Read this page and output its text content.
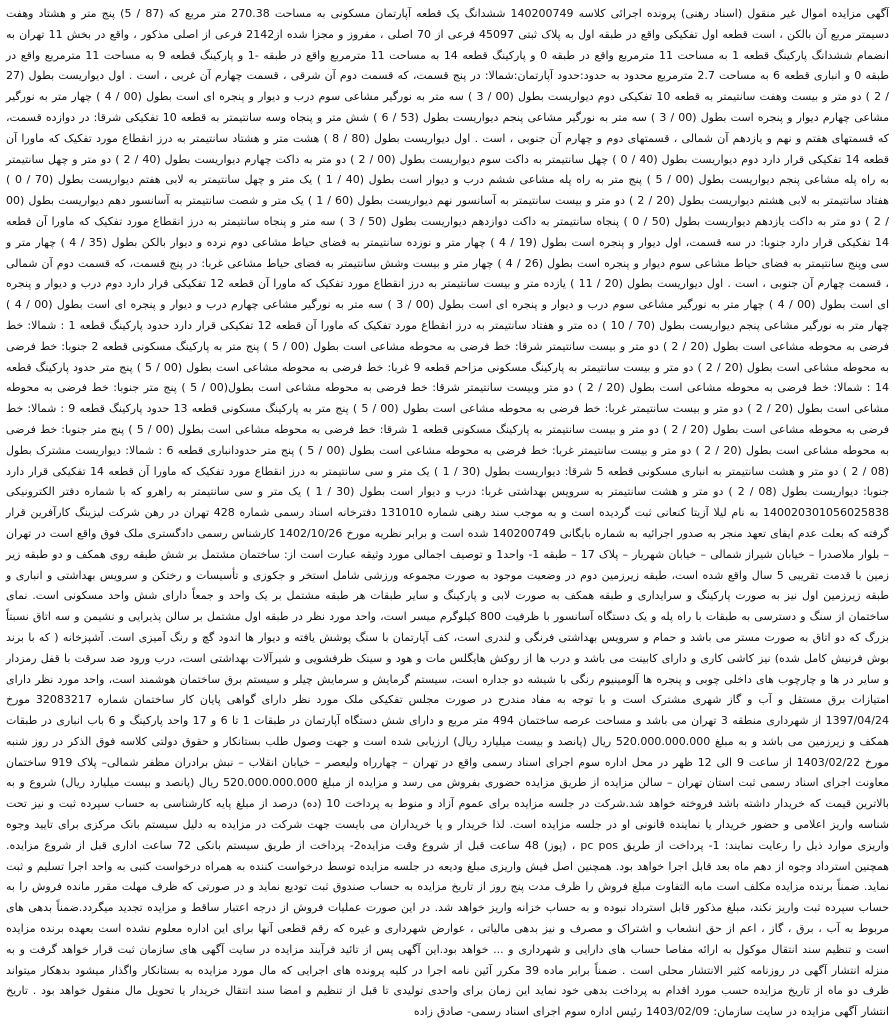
آگهی مزایده اموال غیر منقول (اسناد رهنی) پرونده اجرائی کلاسه 140200749 ششدانگ یک قطعه آپارتمان مسکونی به مساحت 270.38 متر مربع که (87 / 5) پنج متر و هشتاد وهفت دسیمتر مربع آن بالکن ، است قطعه اول تفکیکی واقع در طبقه اول به پلاک ثبتی 45097 فرعی از 70 اصلی ، مفروز و مجزا شده از2142 فرعی از اصلی مذکور ، واقع در بخش 11 تهران به انضمام ششدانگ پارکینگ قطعه 1 به مساحت 11 مترمربع واقع در طبقه 0 و پارکینگ قطعه 14 به مساحت 11 مترمربع واقع در طبقه -1 و پارکینگ قطعه 9 به مساحت 11 مترمربع واقع در طبقه 0 و انباری قطعه 6 به مساحت 2.7 مترمربع محدود به حدود:حدود آپارتمان:شمالا: در پنج قسمت، که قسمت دوم آن شرقی ، قسمت چهارم آن غربی ، است . اول دیواریست بطول (27 / 2 ) دو متر و بیست وهفت سانتیمتر به قطعه 10 تفکیکی دوم دیواریست بطول (00 / 3 ) سه متر به نورگیر مشاعی سوم درب و دیوار و پنجره ای است بطول (00 / 4 ) چهار متر به نورگیر مشاعی چهارم دیوار و پنجره است بطول (00 / 3 ) سه متر به نورگیر مشاعی پنجم دیواریست بطول (53 / 6 ) شش متر و پنجاه وسه سانتیمتر به قطعه 10 تفکیکی شرقا: در دوازده قسمت، که قسمتهای هفتم و نهم و یازدهم آن شمالی ، قسمتهای دوم و چهارم آن جنوبی ، است . اول دیواریست بطول (80 / 8 ) هشت متر و هشتاد سانتیمتر به درز انقطاع مورد تفکیک که ماورا آن قطعه 14 تفکیکی قرار دارد دوم دیواریست بطول (40 / 0 ) چهل سانتیمتر به داکت سوم دیواریست بطول (00 / 2 ) دو متر به داکت چهارم دیواریست بطول (40 / 2 ) دو متر و چهل سانتیمتر به راه پله مشاعی پنجم دیواریست بطول (00 / 5 ) پنج متر به راه پله مشاعی ششم درب و دیوار است بطول (40 / 1 ) یک متر و چهل سانتیمتر به لابی هفتم دیواریست بطول (70 / 0 ) هفتاد سانتیمتر به لابی هشتم دیواریست بطول (20 / 2 ) دو متر و بیست سانتیمتر به آسانسور نهم دیواریست بطول (60 / 1 ) یک متر و شصت سانتیمتر به آسانسور دهم دیواریست بطول (00 / 2 ) دو متر به داکت یازدهم دیواریست بطول (50 / 0 ) پنجاه سانتیمتر به داکت دوازدهم دیواریست بطول (50 / 3 ) سه متر و پنجاه سانتیمتر به درز انقطاع مورد تفکیک که ماورا آن قطعه 14 تفکیکی قرار دارد جنوبا: در سه قسمت، اول دیوار و پنجره است بطول (19 / 4 ) چهار متر و نوزده سانتیمتر به فضای حیاط مشاعی دوم نرده و دیوار بالکن بطول (35 / 4 ) چهار متر و سی وپنج سانتیمتر به فضای حیاط مشاعی سوم دیوار و پنجره است بطول (26 / 4 ) چهار متر و بیست وشش سانتیمتر به فضای حیاط مشاعی غربا: در پنج قسمت، که قسمت دوم آن شمالی ، قسمت چهارم آن جنوبی ، است . اول دیواریست بطول (20 / 11 ) یازده متر و بیست سانتیمتر به درز انقطاع مورد تفکیک که ماورا آن قطعه 12 تفکیکی قرار دارد دوم درب و دیوار و پنجره ای است بطول (00 / 4 ) چهار متر به نورگیر مشاعی سوم درب و دیوار و پنجره ای است بطول (00 / 3 ) سه متر به نورگیر مشاعی چهارم درب و دیوار و پنجره ای است بطول (00 / 4 ) چهار متر به نورگیر مشاعی پنجم دیواریست بطول (70 / 10 ) ده متر و هفتاد سانتیمتر به درز انقطاع مورد تفکیک که ماورا آن قطعه 12 تفکیکی قرار دارد حدود پارکینگ قطعه 1 : شمالا: خط فرضی به محوطه مشاعی است بطول (20 / 2 ) دو متر و بیست سانتیمتر شرقا: خط فرضی به محوطه مشاعی است بطول (00 / 5 ) پنج متر به پارکینگ مسکونی قطعه 2 جنوبا: خط فرضی به محوطه مشاعی است بطول (20 / 2 ) دو متر و بیست سانتیمتر به پارکینگ مسکونی مزاحم قطعه 9 غربا: خط فرضی به محوطه مشاعی است بطول (00 / 5 ) پنج متر حدود پارکینگ قطعه 14 : شمالا: خط فرضی به محوطه مشاعی است بطول (20 / 2 ) دو متر وبیست سانتیمتر شرقا: خط فرضی به محوطه مشاعی است بطول(00 / 5 ) پنج متر جنوبا: خط فرضی به محوطه مشاعی است بطول (20 / 2 ) دو متر و بیست سانتیمتر غربا: خط فرضی به محوطه مشاعی است بطول (00 / 5 ) پنج متر به پارکینگ مسکونی قطعه 13 حدود پارکینگ قطعه 9 : شمالا: خط فرضی به محوطه مشاعی است بطول (20 / 2 ) دو متر و بیست سانتیمتر به پارکینگ مسکونی قطعه 1 شرقا: خط فرضی به محوطه مشاعی است بطول (00 / 5 ) پنج متر جنوبا: خط فرضی به محوطه مشاعی است بطول (20 / 2 ) دو متر و بیست سانتیمتر غربا: خط فرضی به محوطه مشاعی است بطول (00 / 5 ) پنج متر حدودانباری قطعه 6 : شمالا: دیواریست مشترک بطول (08 / 2 ) دو متر و هشت سانتیمتر به انباری مسکونی قطعه 5 شرقا: دیواریست بطول (30 / 1 ) یک متر و سی سانتیمتر به درز انقطاع مورد تفکیک که ماورا آن قطعه 14 تفکیکی قرار دارد جنوبا: دیواریست بطول (08 / 2 ) دو متر و هشت سانتیمتر به سرویس بهداشتی غربا: درب و دیوار است بطول (30 / 1 ) یک متر و سی سانتیمتر به راهرو که با شماره دفتر الکترونیکی 140020301056025838 به نام لیلا آزیتا کنعانی ثبت گردیده است و به موجب سند رهنی شماره 131010 دفترخانه اسناد رسمی شماره 428 تهران در رهن شرکت لیزینگ کارآفرین قرار گرفته که بعلت عدم ایفای تعهد منجر به صدور اجرائیه به شماره بایگانی 140200749 شده است و برابر نظریه مورخ 1402/10/26 کارشناس رسمی دادگستری ملک فوق واقع است در تهران – بلوار ملاصدرا – خیابان شیراز شمالی – خیابان شهریار – پلاک 17 – طبقه 1- واحد1 و توصیف اجمالی مورد وثیقه عبارت است از: ساختمان مشتمل بر شش طبقه روی همکف و دو طبقه زیر زمین با قدمت تقریبی 5 سال واقع شده است، طبقه زیرزمین دوم در وضعیت موجود به صورت مجموعه ورزشی شامل استخر و جکوزی و تأسیسات و رختکن و سرویس بهداشتی و انباری و طبقه زیرزمین اول نیز به صورت پارکینگ و سرایداری و طبقه همکف به صورت لابی و پارکینگ و سایر طبقات هر طبقه مشتمل بر یک واحد و جمعاً دارای شش واحد مسکونی است. نمای ساختمان از سنگ و دسترسی به طبقات با راه پله و یک دستگاه آسانسور با ظرفیت 800 کیلوگرم میسر است، واحد مورد نظر در طبقه اول مشتمل بر سالن پذیرایی و نشیمن و سه اتاق نسبتاً بزرگ که دو اتاق به صورت مستر می باشد و حمام و سرویس بهداشتی فرنگی و لندری است، کف آپارتمان با سنگ پوشش یافته و دیوار ها اندود گچ و رنگ آمیزی است. آشپزخانه ( که با برند بوش فرنیش کامل شده) نیز کاشی کاری و دارای کابینت می باشد و درب ها از روکش هایگلس مات و هود و سینک ظرفشویی و شیرآلات بهداشتی است، درب ورود ضد سرقت با قفل رمزدار و سایر در ها و چارچوب های داخلی چوبی و پنجره ها آلومینیوم رنگی با شیشه دو جداره است، سیستم گرمایش و سرمایش چیلر و سیستم برق ساختمان هوشمند است، واحد مورد نظر دارای امتیازات برق مستقل و آب و گاز شهری مشترک است و با توجه به مفاد مندرج در صورت مجلس تفکیکی ملک مورد نظر دارای گواهی پایان کار ساختمان شماره 32083217 مورخ 1397/04/24 از شهرداری منطقه 3 تهران می باشد و مساحت عرصه ساختمان 494 متر مربع و دارای شش دستگاه آپارتمان در طبقات 1 تا 6 و 17 واحد پارکینگ و 6 باب انباری در طبقات همکف و زیرزمین می باشد و به مبلغ 520.000.000.000 ریال (پانصد و بیست میلیارد ریال) ارزیابی شده است و جهت وصول طلب بستانکار و حقوق دولتی کلاسه فوق الذکر در روز شنبه مورخ 1403/02/22 از ساعت 9 الی 12 ظهر در محل اداره سوم اجرای اسناد رسمی واقع در تهران – چهارراه ولیعصر – خیابان انقلاب – نبش برادران مظفر شمالی– پلاک 919 ساختمان معاونت اجرای اسناد رسمی ثبت استان تهران – سالن مزایده از طریق مزایده حضوری بفروش می رسد و مزایده از مبلغ 520.000.000.000 ریال (پانصد و بیست میلیارد ریال) شروع و به بالاترین قیمت که خریدار داشته باشد فروخته خواهد شد.شرکت در جلسه مزایده برای عموم آزاد و منوط به پرداخت 10 (ده) درصد از مبلغ پایه کارشناسی به حساب سپرده ثبت و نیز تحت شناسه واریز اعلامی و حضور خریدار یا نماینده قانونی او در جلسه مزایده است. لذا خریدار و یا خریداران می بایست جهت شرکت در مزایده به دلیل سیستم بانک مرکزی برای تایید وجوه واریزی موارد ذیل را رعایت نمایند: 1- پرداخت از طریق pc pos ، (پوز) 48 ساعت قبل از شروع وقت مزایده2- پرداخت از طریق سیستم بانکی 72 ساعت اداری قبل از شروع مزایده. همچنین استرداد وجوه از دهم ماه بعد قابل اجرا خواهد بود. همچنین اصل فیش واریزی مبلغ ودیعه در جلسه مزایده توسط درخواست کننده به همراه درخواست کتبی به واحد اجرا تسلیم و ثبت نماید. ضمناً برنده مزایده مکلف است مابه التفاوت مبلغ فروش را ظرف مدت پنج روز از تاریخ مزایده به حساب صندوق ثبت تودیع نماید و در صورتی که ظرف مهلت مقرر مانده فروش را به حساب سپرده ثبت واریز نکند، مبلغ مذکور قابل استرداد نبوده و به حساب خزانه واریز خواهد شد. در این صورت عملیات فروش از درجه اعتبار ساقط و مزایده تجدید میگردد.ضمناً بدهی های مربوط به آب ، برق ، گاز ، اعم از حق انشعاب و اشتراک و مصرف و نیز بدهی مالیاتی ، عوارض شهرداری و غیره که رقم قطعی آنها برای این اداره معلوم نشده است بعهده برنده مزایده است و تنظیم سند انتقال موکول به ارائه مفاصا حساب های دارایی و شهرداری و ... خواهد بود.این آگهی پس از تائید فرآیند مزایده در سایت آگهی های سازمان ثبت قرار خواهد گرفت و به منزله انتشار آگهی در روزنامه کثیر الانتشار محلی است . ضمناً برابر ماده 39 مکرر آئین نامه اجرا در کلیه پرونده های اجرایی که مال مورد مزایده به بستانکار واگذار میشود بدهکار میتواند ظرف دو ماه از تاریخ مزایده حسب مورد اقدام به پرداخت بدهی خود نماید این زمان برای واحدی تولیدی تا قبل از تنظیم و امضا سند انتقال خریدار یا تحویل مال منقول خواهد بود . تاریخ انتشار آگهی مزایده در سایت سازمان: 1403/02/09 رئیس اداره سوم اجرای اسناد رسمی- صادق زاده
